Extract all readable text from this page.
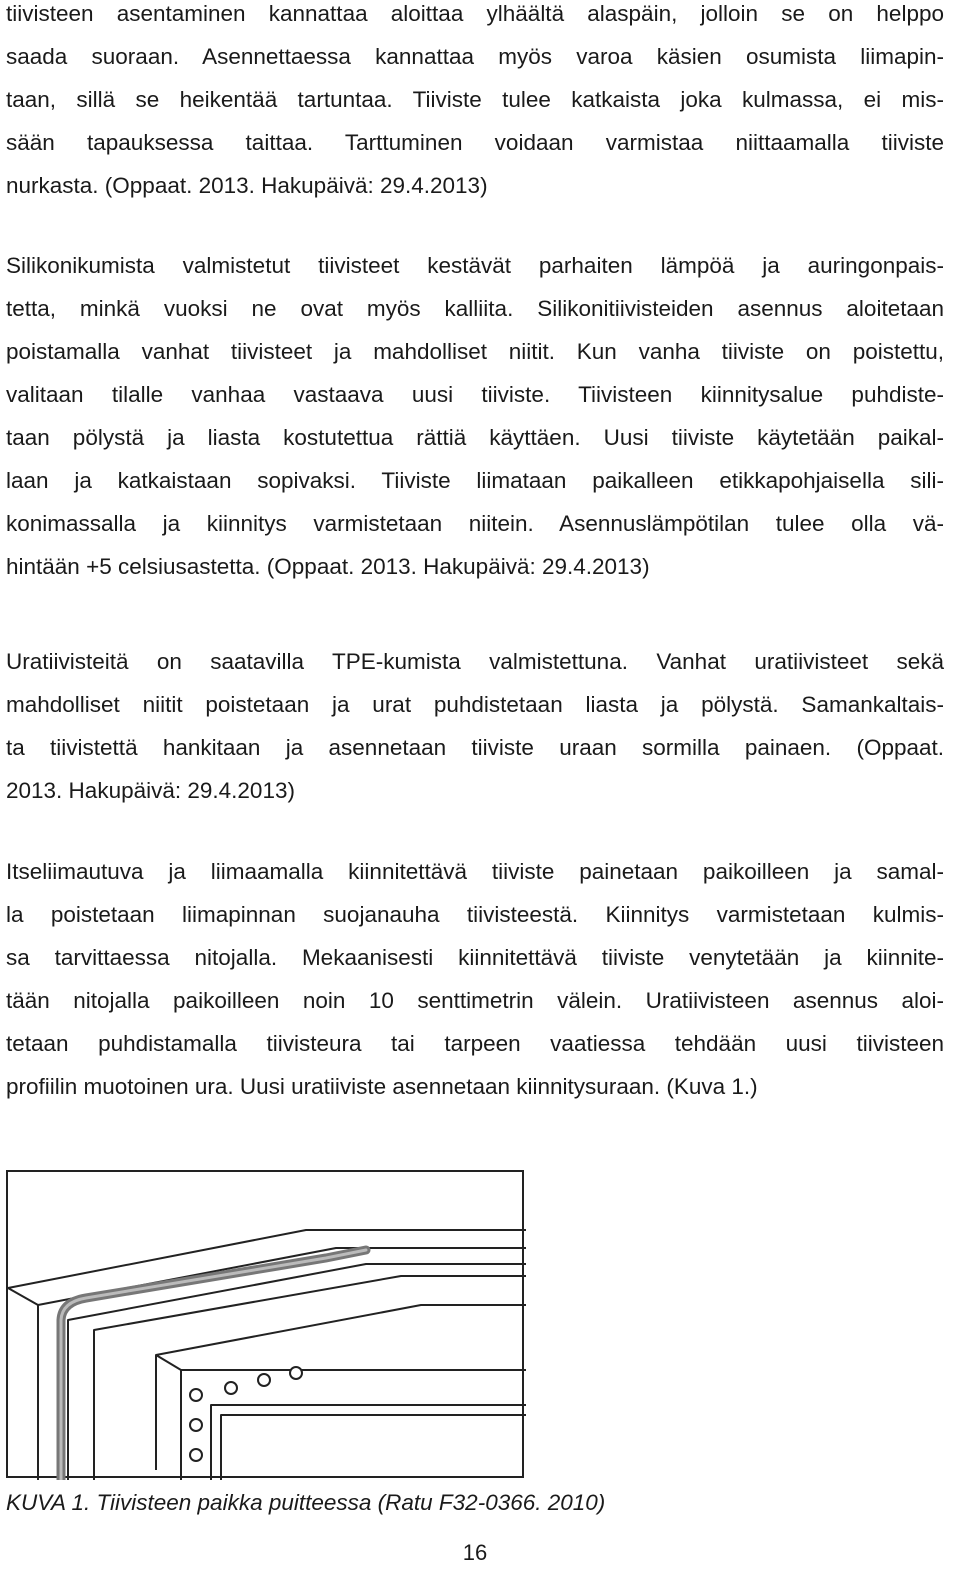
tiivisteen asentaminen kannattaa aloittaa ylhäältä alaspäin, jolloin se on helppo
saada suoraan. Asennettaessa kannattaa myös varoa käsien osumista liimapin-
taan, sillä se heikentää tartuntaa. Tiiviste tulee katkaista joka kulmassa, ei mis-
sään tapauksessa taittaa. Tarttuminen voidaan varmistaa niittaamalla tiiviste
nurkasta. (Oppaat. 2013. Hakupäivä: 29.4.2013)
Silikonikumista valmistetut tiivisteet kestävät parhaiten lämpöä ja auringonpais-
tetta, minkä vuoksi ne ovat myös kalliita. Silikonitiivisteiden asennus aloitetaan
poistamalla vanhat tiivisteet ja mahdolliset niitit. Kun vanha tiiviste on poistettu,
valitaan tilalle vanhaa vastaava uusi tiiviste. Tiivisteen kiinnitysalue puhdiste-
taan pölystä ja liasta kostutettua rättiä käyttäen. Uusi tiiviste käytetään paikal-
laan ja katkaistaan sopivaksi. Tiiviste liimataan paikalleen etikkapohjaisella sili-
konimassalla ja kiinnitys varmistetaan niitein. Asennuslämpötilan tulee olla vä-
hintään +5 celsiusastetta. (Oppaat. 2013. Hakupäivä: 29.4.2013)
Uratiivisteitä on saatavilla TPE-kumista valmistettuna. Vanhat uratiivisteet sekä
mahdolliset niitit poistetaan ja urat puhdistetaan liasta ja pölystä. Samankaltais-
ta tiivistettä hankitaan ja asennetaan tiiviste uraan sormilla painaen. (Oppaat.
2013. Hakupäivä: 29.4.2013)
Itseliimautuva ja liimaamalla kiinnitettävä tiiviste painetaan paikoilleen ja samal-
la poistetaan liimapinnan suojanauha tiivisteestä. Kiinnitys varmistetaan kulmis-
sa tarvittaessa nitojalla. Mekaanisesti kiinnitettävä tiiviste venytetään ja kiinnite-
tään nitojalla paikoilleen noin 10 senttimetrin välein. Uratiivisteen asennus aloi-
tetaan puhdistamalla tiivisteura tai tarpeen vaatiessa tehdään uusi tiivisteen
profiilin muotoinen ura. Uusi uratiiviste asennetaan kiinnitysuraan. (Kuva 1.)
KUVA 1. Tiivisteen paikka puitteessa (Ratu F32-0366. 2010)
16
